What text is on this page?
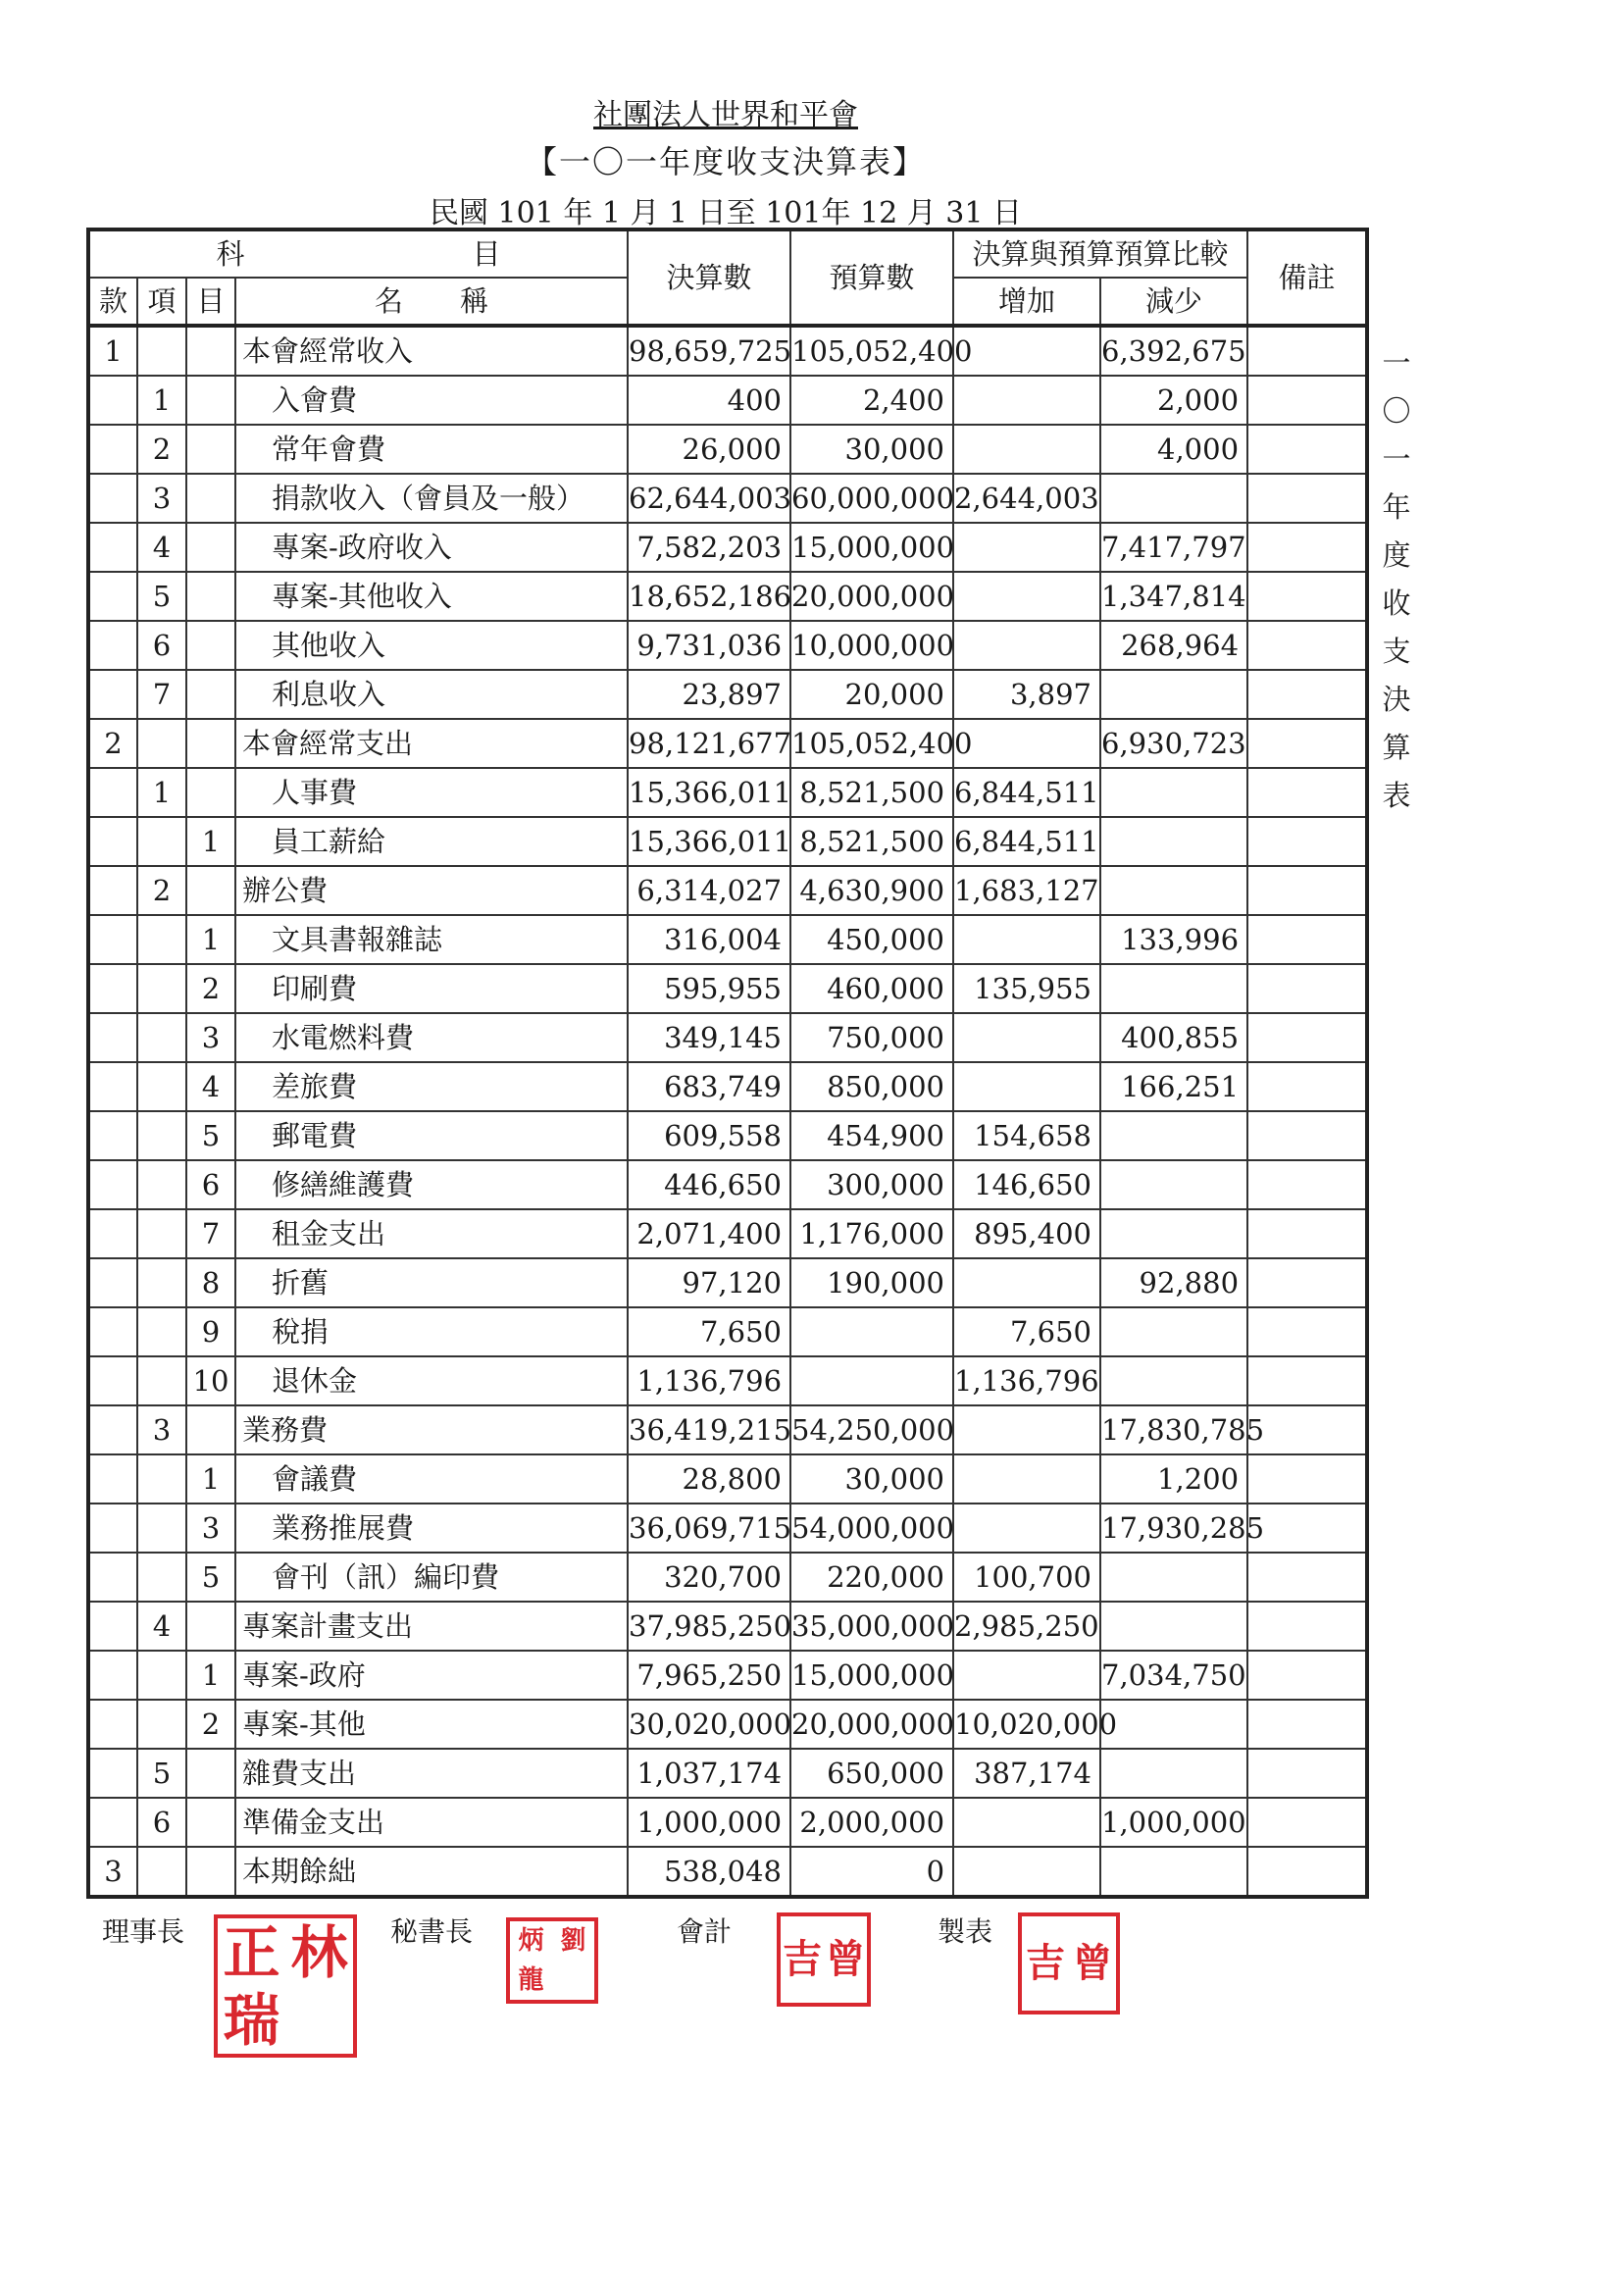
社團法人世界和平會
【一〇一年度收支決算表】
民國 101 年 1 月 1 日至 101年 12 月 31 日
科　　　　　　　　目				決算數	預算數	決算與預算預算比較		備註
款	項	目	名　　稱			增加	減少	
1			本會經常收入	98,659,725	105,052,400		6,392,675	
	1		入會費	400	2,400		2,000	
	2		常年會費	26,000	30,000		4,000	
	3		捐款收入（會員及一般）	62,644,003	60,000,000	2,644,003		
	4		專案-政府收入	7,582,203	15,000,000		7,417,797	
	5		專案-其他收入	18,652,186	20,000,000		1,347,814	
	6		其他收入	9,731,036	10,000,000		268,964	
	7		利息收入	23,897	20,000	3,897		
2			本會經常支出	98,121,677	105,052,400		6,930,723	
	1		人事費	15,366,011	8,521,500	6,844,511		
		1	員工薪給	15,366,011	8,521,500	6,844,511		
	2		辦公費	6,314,027	4,630,900	1,683,127		
		1	文具書報雜誌	316,004	450,000		133,996	
		2	印刷費	595,955	460,000	135,955		
		3	水電燃料費	349,145	750,000		400,855	
		4	差旅費	683,749	850,000		166,251	
		5	郵電費	609,558	454,900	154,658		
		6	修繕維護費	446,650	300,000	146,650		
		7	租金支出	2,071,400	1,176,000	895,400		
		8	折舊	97,120	190,000		92,880	
		9	稅捐	7,650		7,650		
		10	退休金	1,136,796		1,136,796		
	3		業務費	36,419,215	54,250,000		17,830,785	
		1	會議費	28,800	30,000		1,200	
		3	業務推展費	36,069,715	54,000,000		17,930,285	
		5	會刊（訊）編印費	320,700	220,000	100,700		
	4		專案計畫支出	37,985,250	35,000,000	2,985,250		
		1	專案-政府	7,965,250	15,000,000		7,034,750	
		2	專案-其他	30,020,000	20,000,000	10,020,000		
	5		雜費支出	1,037,174	650,000	387,174		
	6		準備金支出	1,000,000	2,000,000		1,000,000	
3			本期餘絀	538,048	0			
一
〇
一
年
度
收
支
決
算
表
理事長 正 林
瑞
秘書長	炳 劉
龍
會計
吉 曾
製表
吉 曾
